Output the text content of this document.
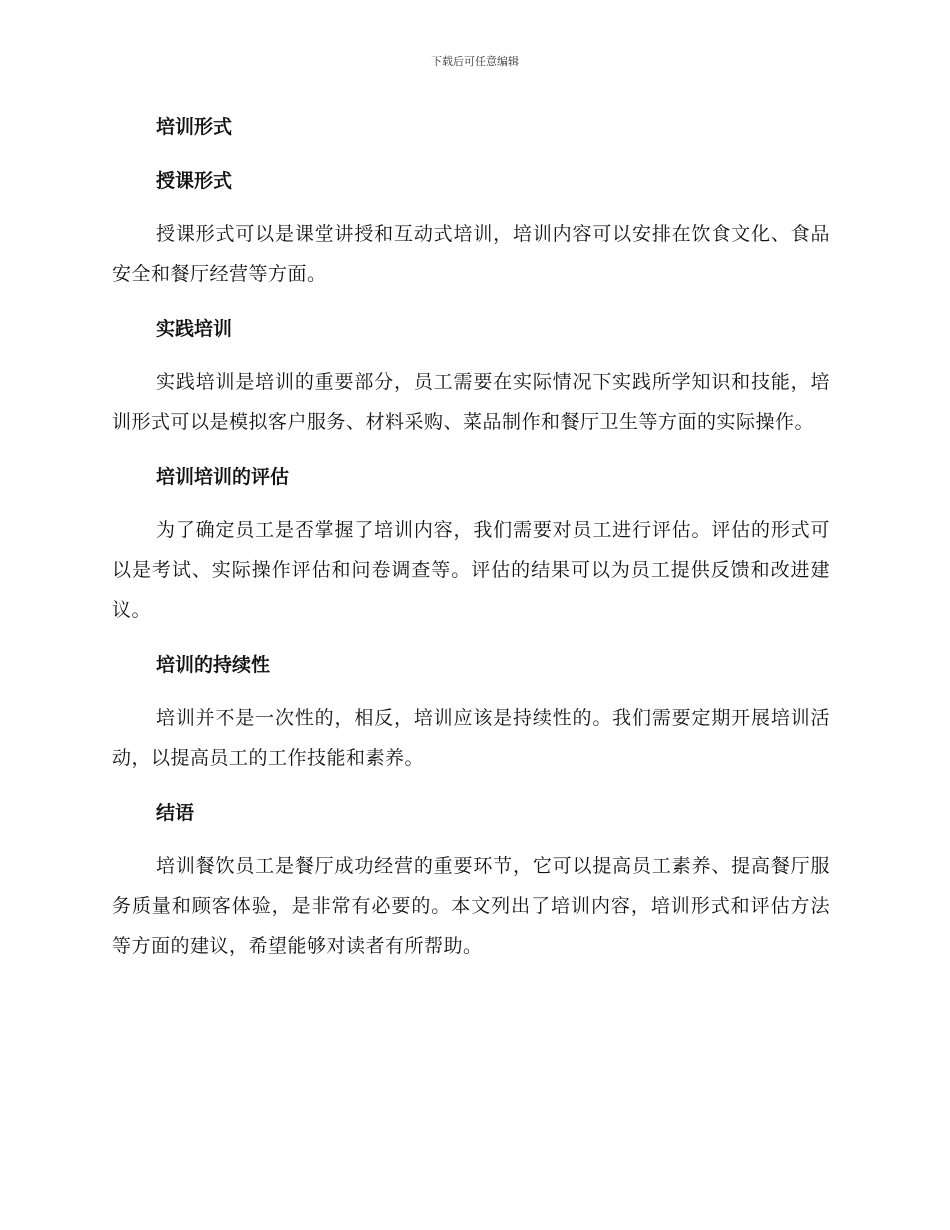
下载后可任意编辑
培训形式
授课形式
授课形式可以是课堂讲授和互动式培训，培训内容可以安排在饮食文化、食品安全和餐厅经营等方面。
实践培训
实践培训是培训的重要部分，员工需要在实际情况下实践所学知识和技能，培训形式可以是模拟客户服务、材料采购、菜品制作和餐厅卫生等方面的实际操作。
培训培训的评估
为了确定员工是否掌握了培训内容，我们需要对员工进行评估。评估的形式可以是考试、实际操作评估和问卷调查等。评估的结果可以为员工提供反馈和改进建议。
培训的持续性
培训并不是一次性的，相反，培训应该是持续性的。我们需要定期开展培训活动，以提高员工的工作技能和素养。
结语
培训餐饮员工是餐厅成功经营的重要环节，它可以提高员工素养、提高餐厅服务质量和顾客体验，是非常有必要的。本文列出了培训内容，培训形式和评估方法等方面的建议，希望能够对读者有所帮助。
